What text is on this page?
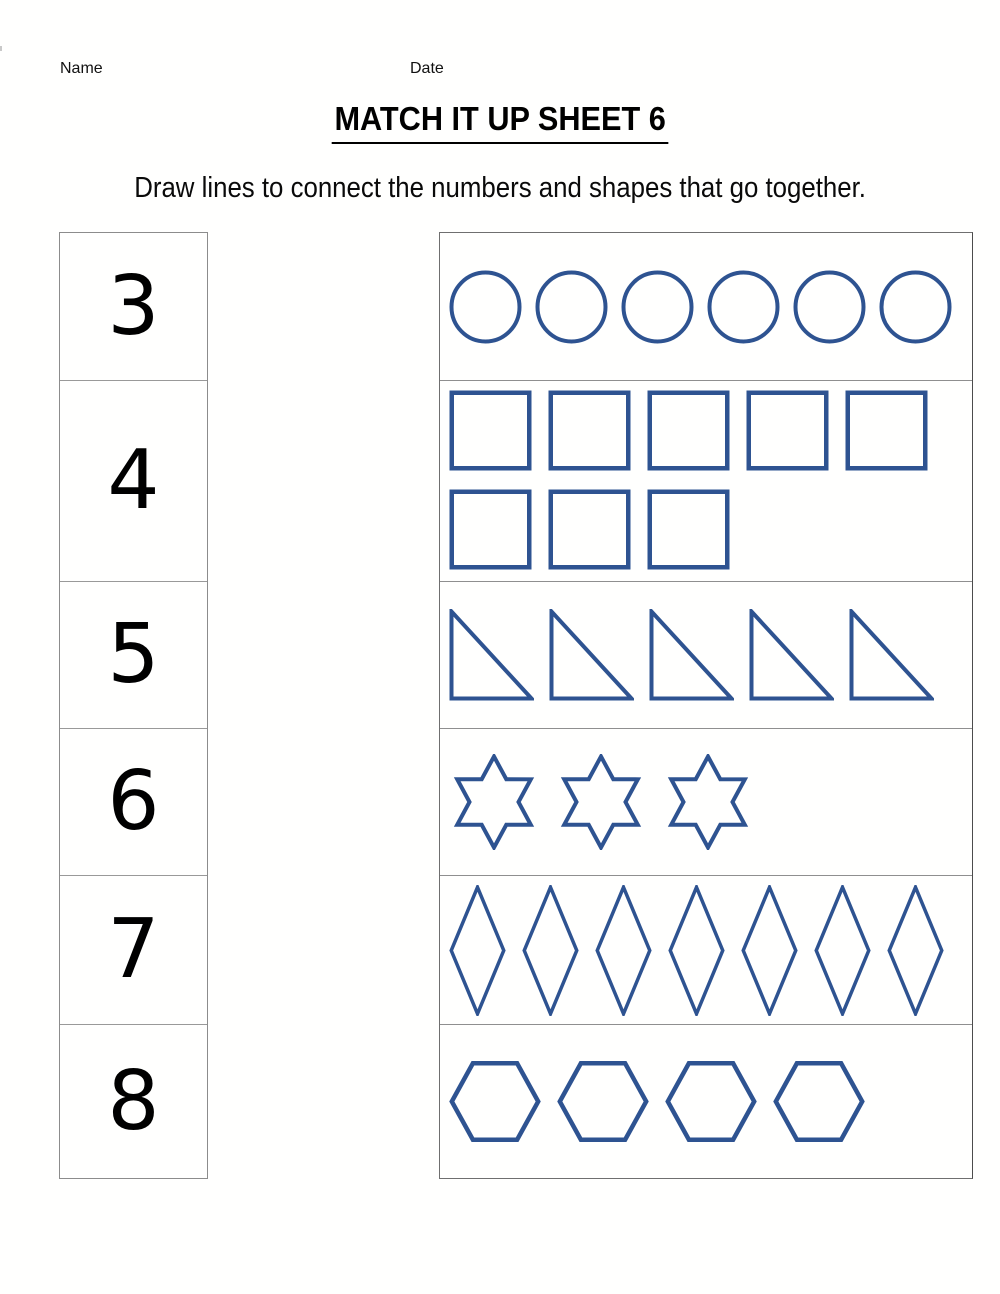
Name	Date
MATCH IT UP SHEET 6
Draw lines to connect the numbers and shapes that go together.
3
4
5
6
7
8
